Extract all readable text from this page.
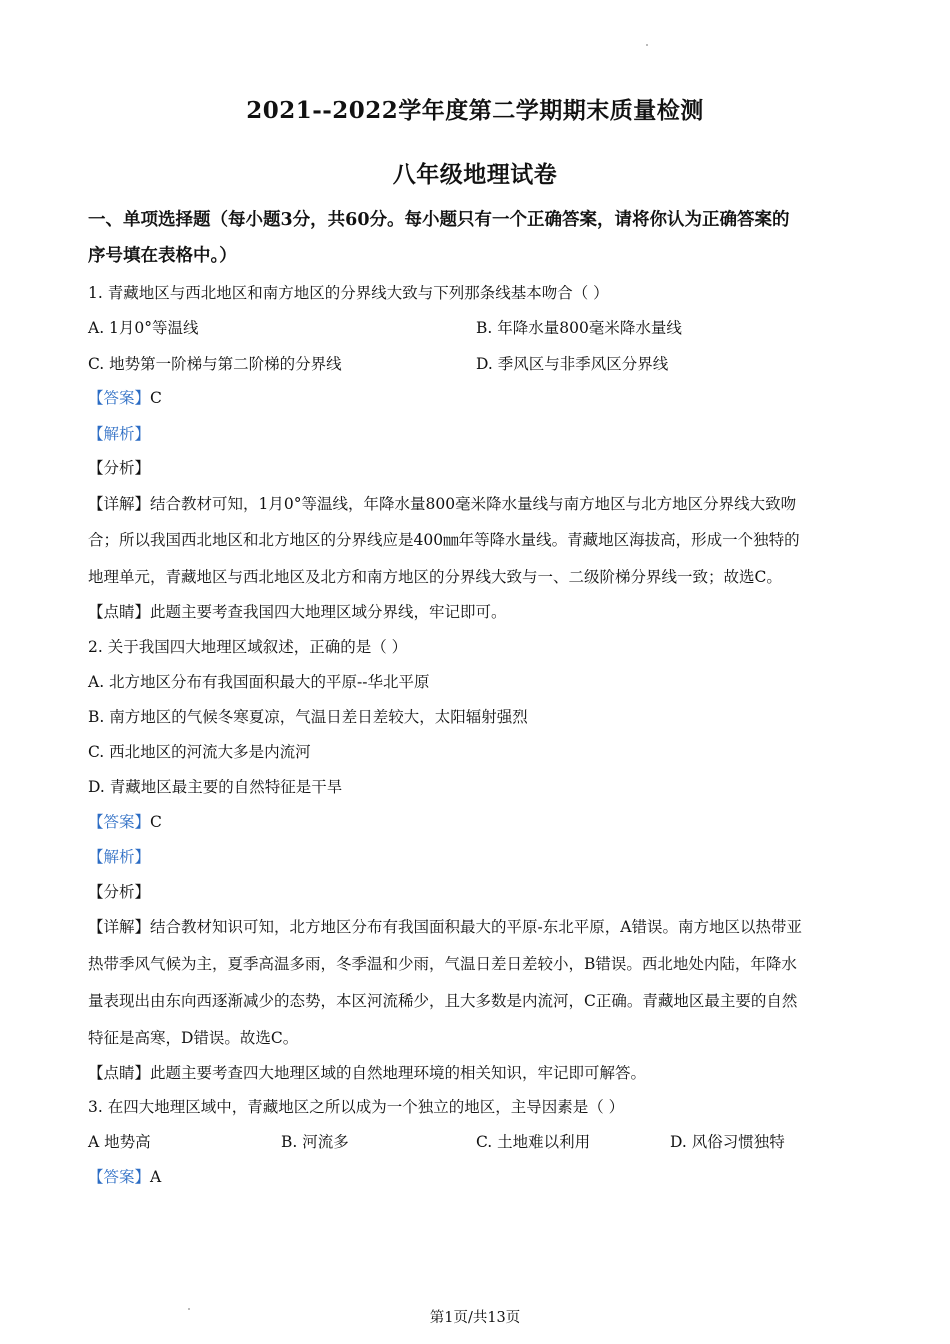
2021--2022学年度第二学期期末质量检测
八年级地理试卷
一、单项选择题（每小题3分，共60分。每小题只有一个正确答案，请将你认为正确答案的
序号填在表格中。）
1. 青藏地区与西北地区和南方地区的分界线大致与下列那条线基本吻合（ ）
A. 1月0°等温线	B. 年降水量800毫米降水量线
C. 地势第一阶梯与第二阶梯的分界线	D. 季风区与非季风区分界线
【答案】C
【解析】
【分析】
【详解】结合教材可知，1月0°等温线，年降水量800毫米降水量线与南方地区与北方地区分界线大致吻
合；所以我国西北地区和北方地区的分界线应是400㎜年等降水量线。青藏地区海拔高，形成一个独特的
地理单元，青藏地区与西北地区及北方和南方地区的分界线大致与一、二级阶梯分界线一致；故选C。
【点睛】此题主要考查我国四大地理区域分界线，牢记即可。
2. 关于我国四大地理区域叙述，正确的是（ ）
A. 北方地区分布有我国面积最大的平原--华北平原
B. 南方地区的气候冬寒夏凉，气温日差日差较大，太阳辐射强烈
C. 西北地区的河流大多是内流河
D. 青藏地区最主要的自然特征是干旱
【答案】C
【解析】
【分析】
【详解】结合教材知识可知，北方地区分布有我国面积最大的平原-东北平原，A错误。南方地区以热带亚
热带季风气候为主，夏季高温多雨，冬季温和少雨，气温日差日差较小，B错误。西北地处内陆，年降水
量表现出由东向西逐渐减少的态势，本区河流稀少，且大多数是内流河，C正确。青藏地区最主要的自然
特征是高寒，D错误。故选C。
【点睛】此题主要考查四大地理区域的自然地理环境的相关知识，牢记即可解答。
3. 在四大地理区域中，青藏地区之所以成为一个独立的地区，主导因素是（ ）
A 地势高	B. 河流多	C. 土地难以利用	D. 风俗习惯独特
【答案】A
第1页/共13页
